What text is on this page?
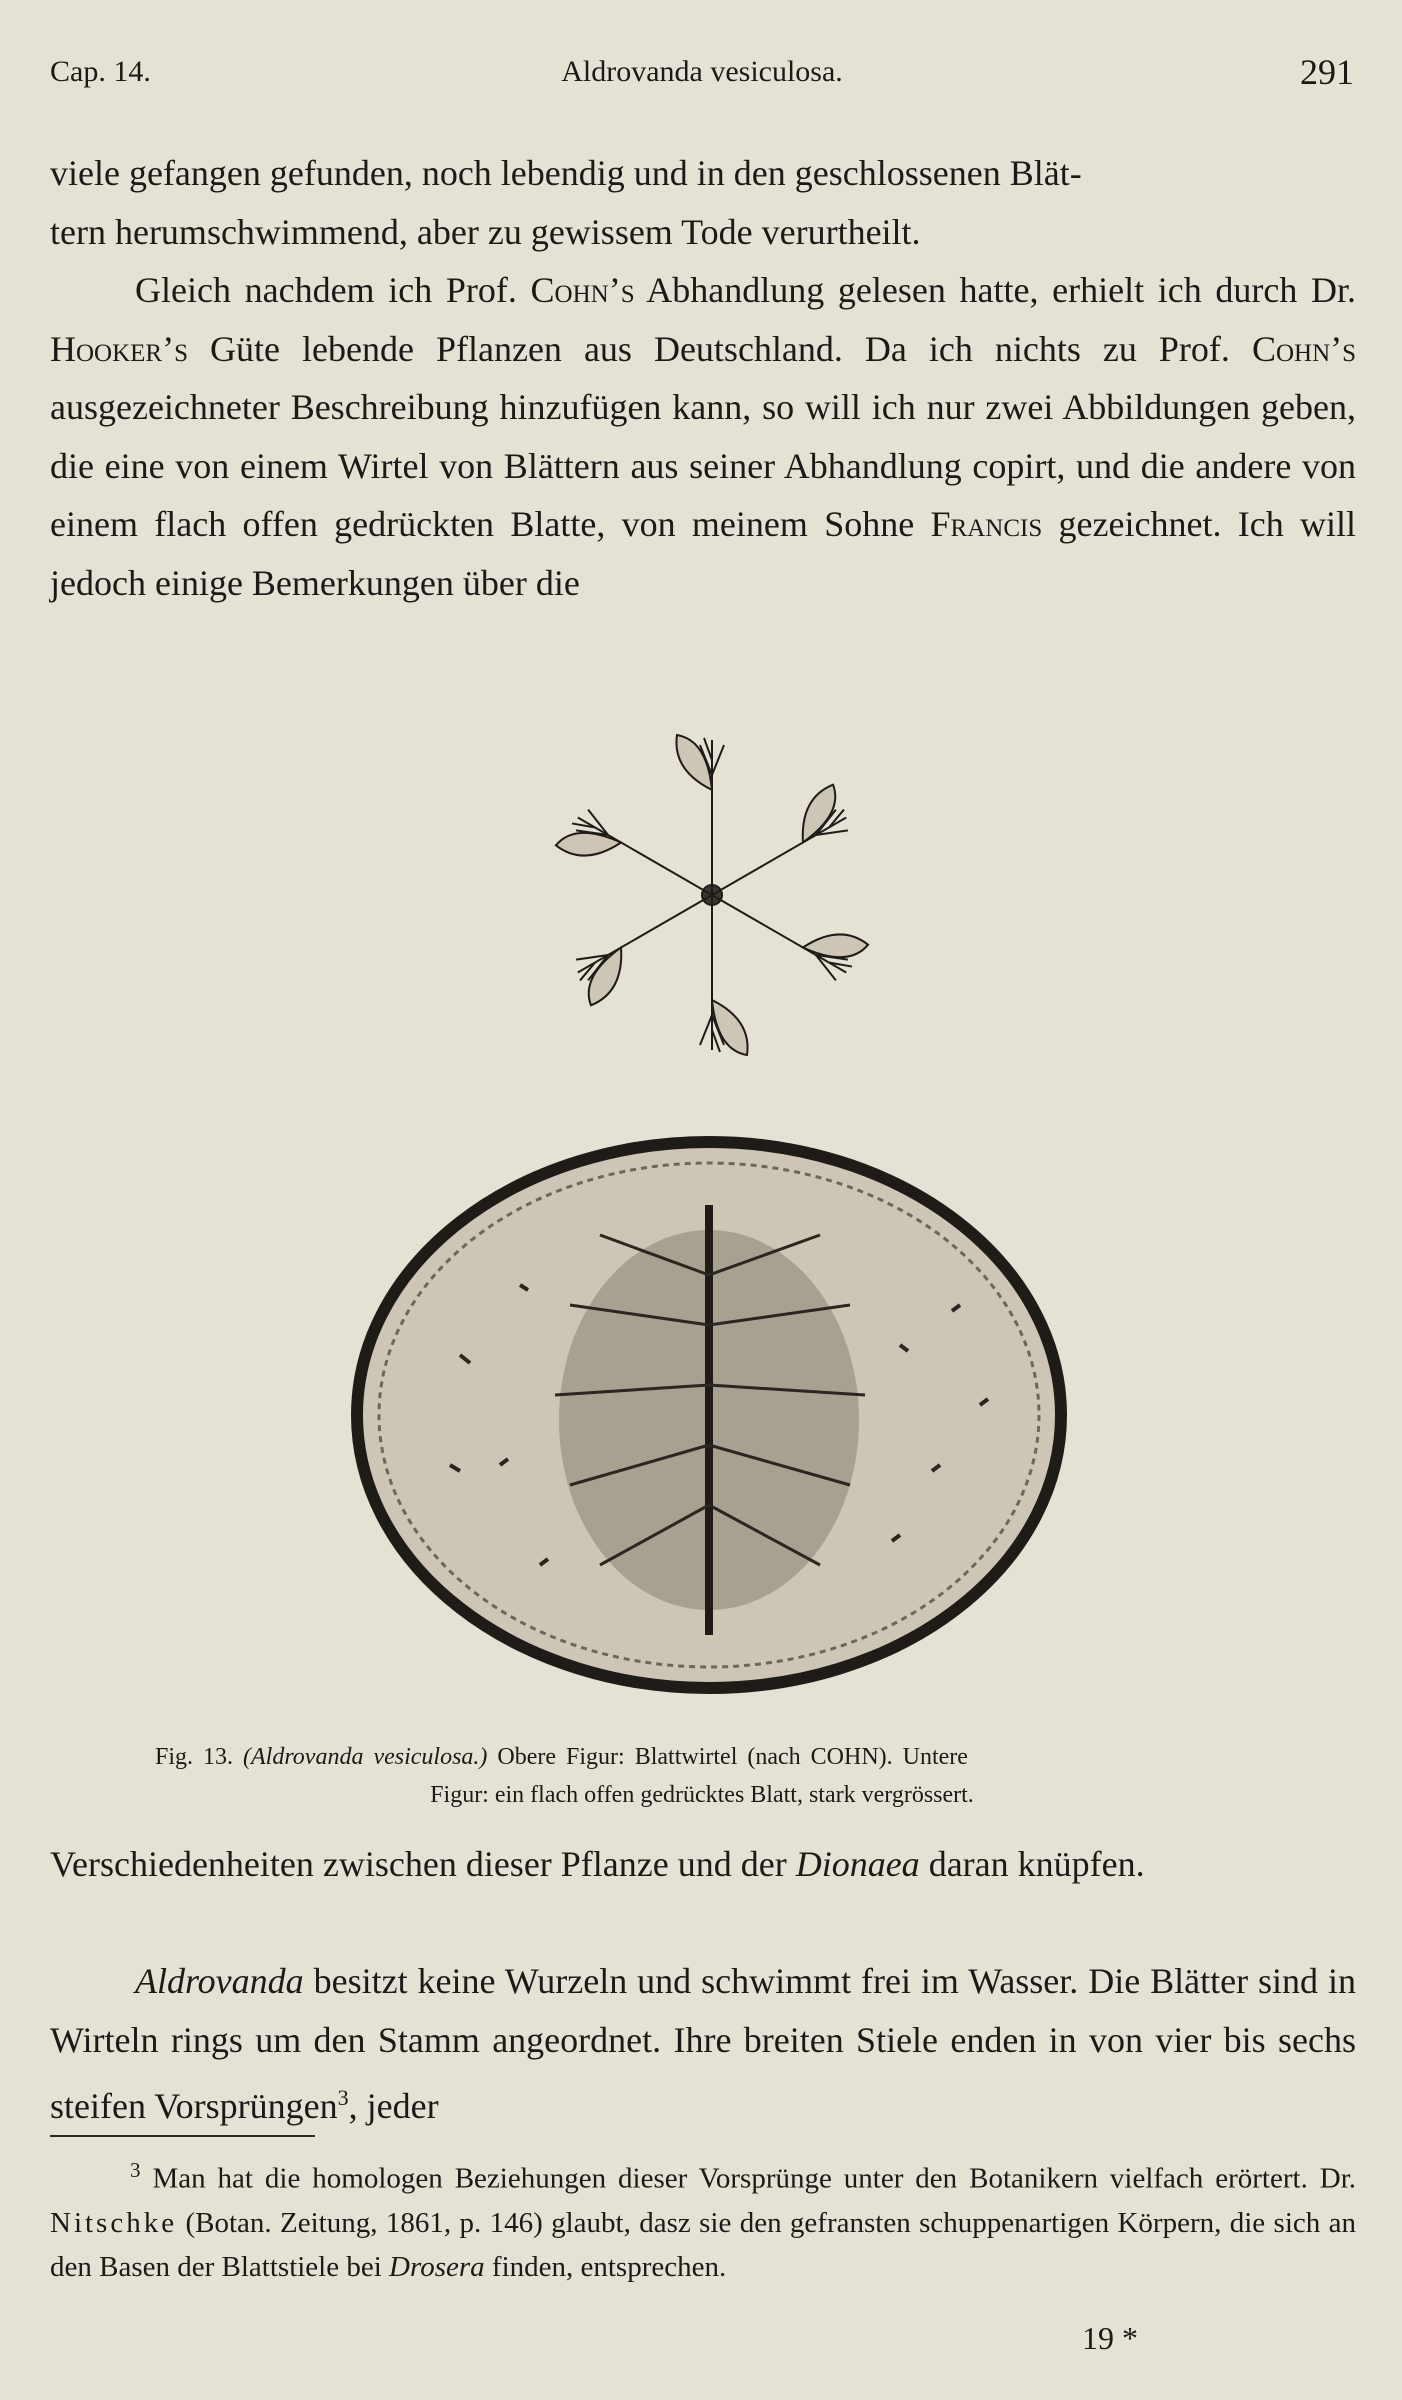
Cap. 14.	Aldrovanda vesiculosa.	291
viele gefangen gefunden, noch lebendig und in den geschlossenen Blät-
tern herumschwimmend, aber zu gewissem Tode verurtheilt.
Gleich nachdem ich Prof. Cohn’s Abhandlung gelesen hatte, erhielt ich durch Dr. Hooker’s Güte lebende Pflanzen aus Deutschland. Da ich nichts zu Prof. Cohn’s ausgezeichneter Beschreibung hinzufügen kann, so will ich nur zwei Abbildungen geben, die eine von einem Wirtel von Blättern aus seiner Abhandlung copirt, und die andere von einem flach offen gedrückten Blatte, von meinem Sohne Francis gezeichnet. Ich will jedoch einige Bemerkungen über die
Fig. 13. (Aldrovanda vesiculosa.) Obere Figur: Blattwirtel (nach COHN). Untere
Figur: ein flach offen gedrücktes Blatt, stark vergrössert.
Verschiedenheiten zwischen dieser Pflanze und der Dionaea daran knüpfen.
Aldrovanda besitzt keine Wurzeln und schwimmt frei im Wasser. Die Blätter sind in Wirteln rings um den Stamm angeordnet. Ihre breiten Stiele enden in von vier bis sechs steifen Vorsprüngen$^3$, jeder
$^3$ Man hat die homologen Beziehungen dieser Vorsprünge unter den Botanikern vielfach erörtert. Dr. Nitschke (Botan. Zeitung, 1861, p. 146) glaubt, dasz sie den gefransten schuppenartigen Körpern, die sich an den Basen der Blattstiele bei Drosera finden, entsprechen.
19 *
